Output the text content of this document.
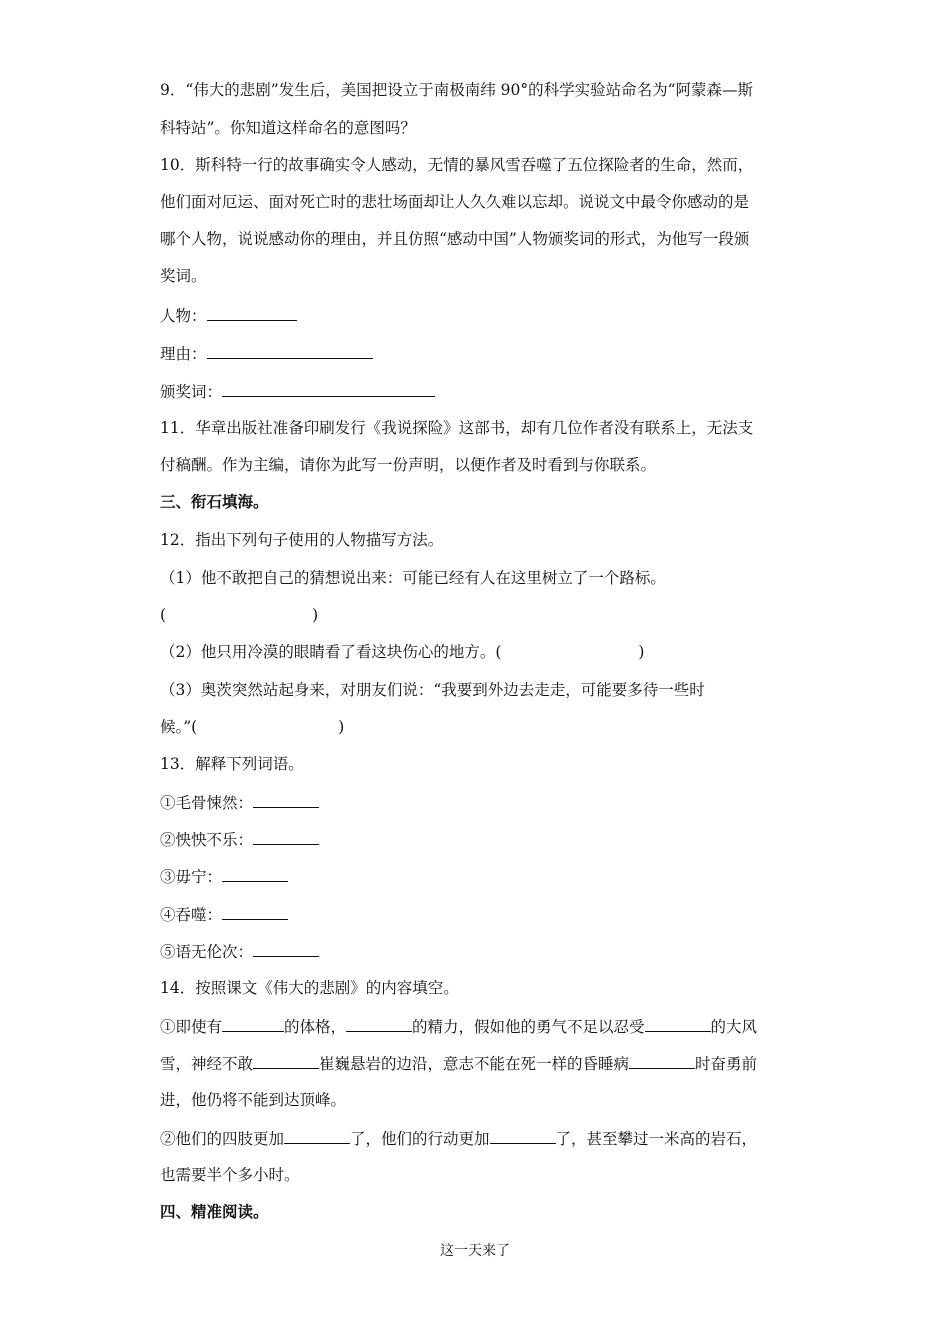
9．“伟大的悲剧”发生后，美国把设立于南极南纬 90°的科学实验站命名为“阿蒙森—斯
科特站”。你知道这样命名的意图吗？
10．斯科特一行的故事确实令人感动，无情的暴风雪吞噬了五位探险者的生命，然而，
他们面对厄运、面对死亡时的悲壮场面却让人久久难以忘却。说说文中最令你感动的是
哪个人物，说说感动你的理由，并且仿照“感动中国”人物颁奖词的形式，为他写一段颁
奖词。
人物：
理由：
颁奖词：
11．华章出版社准备印刷发行《我说探险》这部书，却有几位作者没有联系上，无法支
付稿酬。作为主编，请你为此写一份声明，以便作者及时看到与你联系。
三、衔石填海。
12．指出下列句子使用的人物描写方法。
（1）他不敢把自己的猜想说出来：可能已经有人在这里树立了一个路标。
(	)
（2）他只用冷漠的眼睛看了看这块伤心的地方。(	)
（3）奥茨突然站起身来，对朋友们说：“我要到外边去走走，可能要多待一些时
候。”(	)
13．解释下列词语。
①毛骨悚然：
②怏怏不乐：
③毋宁：
④吞噬：
⑤语无伦次：
14．按照课文《伟大的悲剧》的内容填空。
①即使有	的体格，	的精力，假如他的勇气不足以忍受	的大风
雪，神经不敢	崔巍悬岩的边沿，意志不能在死一样的昏睡病	时奋勇前
进，他仍将不能到达顶峰。
②他们的四肢更加	了，他们的行动更加	了，甚至攀过一米高的岩石，
也需要半个多小时。
四、精准阅读。
这一天来了
